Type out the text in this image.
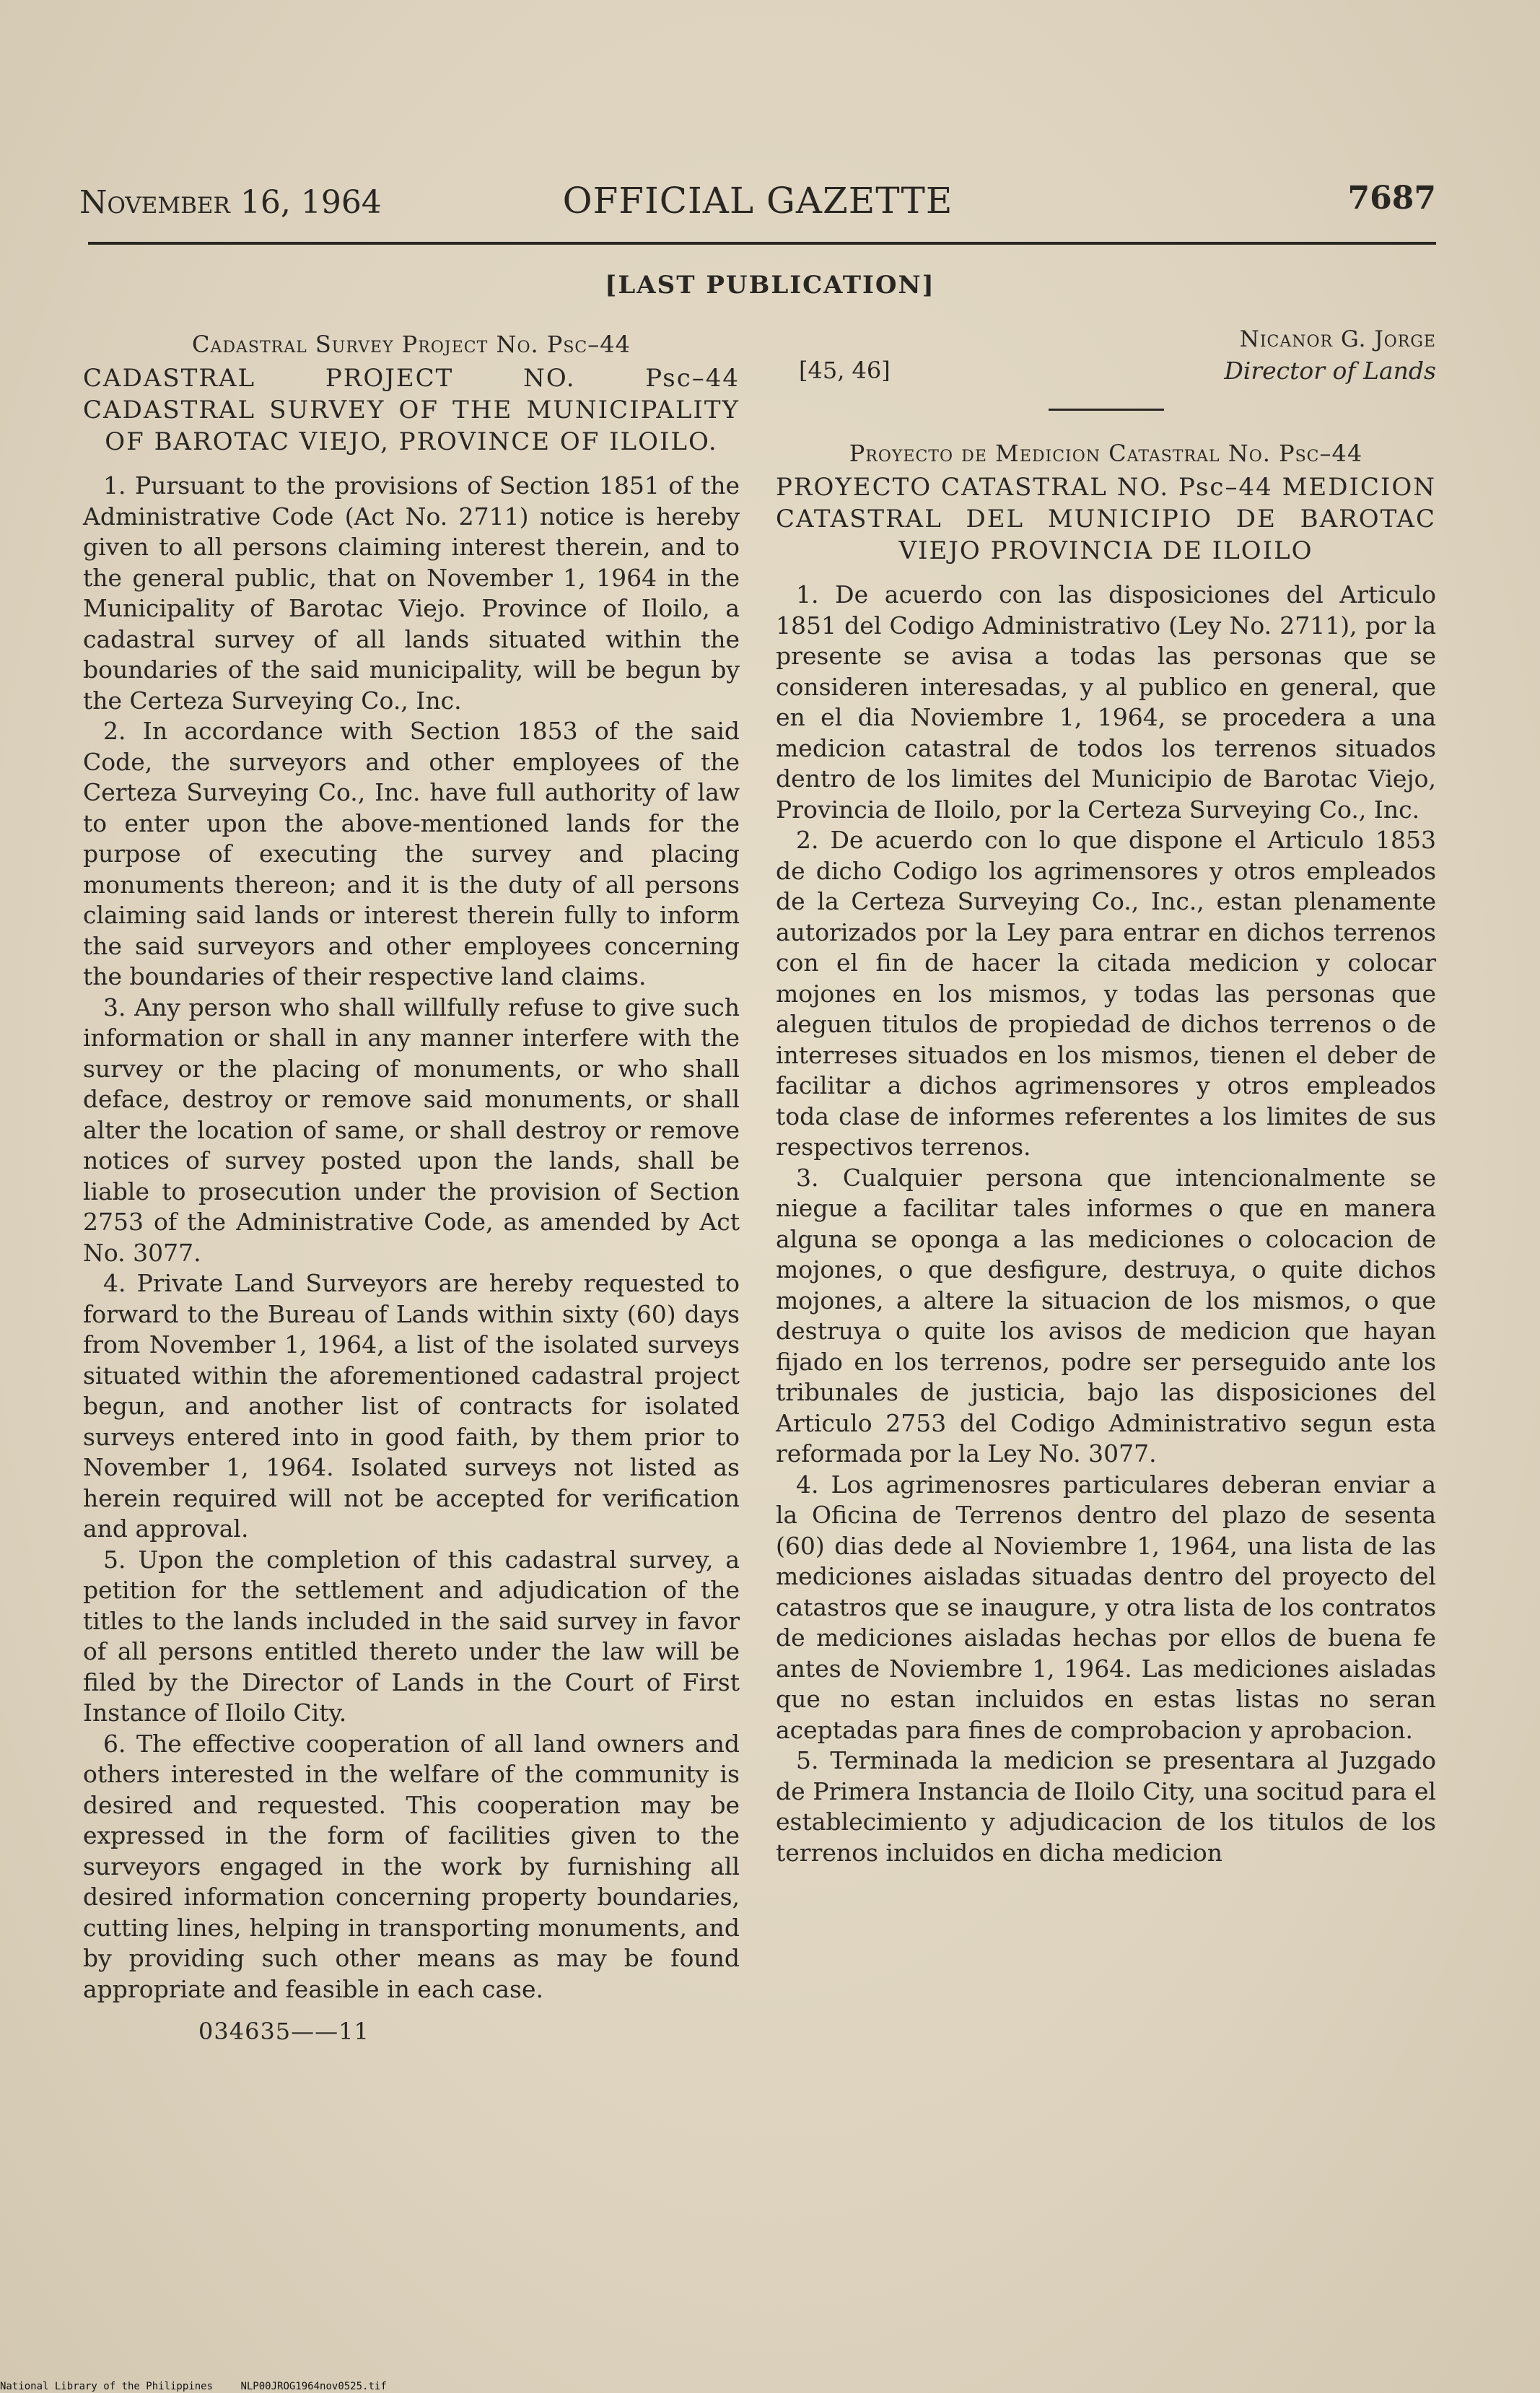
November 16, 1964	OFFICIAL GAZETTE	7687
[LAST PUBLICATION]
Cadastral Survey Project No. Psc–44
CADASTRAL PROJECT NO. Psc–44 CADASTRAL SURVEY OF THE MUNICIPALITY OF BAROTAC VIEJO, PROVINCE OF ILOILO.

1. Pursuant to the provisions of Section 1851 of the Administrative Code (Act No. 2711) notice is hereby given to all persons claiming interest therein, and to the general public, that on November 1, 1964 in the Municipality of Barotac Viejo. Province of Iloilo, a cadastral survey of all lands situated within the boundaries of the said municipality, will be begun by the Certeza Surveying Co., Inc.

2. In accordance with Section 1853 of the said Code, the surveyors and other employees of the Certeza Surveying Co., Inc. have full authority of law to enter upon the above-mentioned lands for the purpose of executing the survey and placing monuments thereon; and it is the duty of all persons claiming said lands or interest therein fully to inform the said surveyors and other employees concerning the boundaries of their respective land claims.

3. Any person who shall willfully refuse to give such information or shall in any manner interfere with the survey or the placing of monuments, or who shall deface, destroy or remove said monuments, or shall alter the location of same, or shall destroy or remove notices of survey posted upon the lands, shall be liable to prosecution under the provision of Section 2753 of the Administrative Code, as amended by Act No. 3077.

4. Private Land Surveyors are hereby requested to forward to the Bureau of Lands within sixty (60) days from November 1, 1964, a list of the isolated surveys situated within the aforementioned cadastral project begun, and another list of contracts for isolated surveys entered into in good faith, by them prior to November 1, 1964. Isolated surveys not listed as herein required will not be accepted for verification and approval.

5. Upon the completion of this cadastral survey, a petition for the settlement and adjudication of the titles to the lands included in the said survey in favor of all persons entitled thereto under the law will be filed by the Director of Lands in the Court of First Instance of Iloilo City.

6. The effective cooperation of all land owners and others interested in the welfare of the community is desired and requested. This cooperation may be expressed in the form of facilities given to the surveyors engaged in the work by furnishing all desired information concerning property boundaries, cutting lines, helping in transporting monuments, and by providing such other means as may be found appropriate and feasible in each case.

034635——11
Nicanor G. Jorge
[45, 46]	Director of Lands
Proyecto de Medicion Catastral No. Psc–44
PROYECTO CATASTRAL NO. Psc–44 MEDICION CATASTRAL DEL MUNICIPIO DE BAROTAC VIEJO PROVINCIA DE ILOILO

1. De acuerdo con las disposiciones del Articulo 1851 del Codigo Administrativo (Ley No. 2711), por la presente se avisa a todas las personas que se consideren interesadas, y al publico en general, que en el dia Noviembre 1, 1964, se procedera a una medicion catastral de todos los terrenos situados dentro de los limites del Municipio de Barotac Viejo, Provincia de Iloilo, por la Certeza Surveying Co., Inc.

2. De acuerdo con lo que dispone el Articulo 1853 de dicho Codigo los agrimensores y otros empleados de la Certeza Surveying Co., Inc., estan plenamente autorizados por la Ley para entrar en dichos terrenos con el fin de hacer la citada medicion y colocar mojones en los mismos, y todas las personas que aleguen titulos de propiedad de dichos terrenos o de interreses situados en los mismos, tienen el deber de facilitar a dichos agrimensores y otros empleados toda clase de informes referentes a los limites de sus respectivos terrenos.

3. Cualquier persona que intencionalmente se niegue a facilitar tales informes o que en manera alguna se oponga a las mediciones o colocacion de mojones, o que desfigure, destruya, o quite dichos mojones, a altere la situacion de los mismos, o que destruya o quite los avisos de medicion que hayan fijado en los terrenos, podre ser perseguido ante los tribunales de justicia, bajo las disposiciones del Articulo 2753 del Codigo Administrativo segun esta reformada por la Ley No. 3077.

4. Los agrimenosres particulares deberan enviar a la Oficina de Terrenos dentro del plazo de sesenta (60) dias dede al Noviembre 1, 1964, una lista de las mediciones aisladas situadas dentro del proyecto del catastros que se inaugure, y otra lista de los contratos de mediciones aisladas hechas por ellos de buena fe antes de Noviembre 1, 1964. Las mediciones aisladas que no estan incluidos en estas listas no seran aceptadas para fines de comprobacion y aprobacion.

5. Terminada la medicion se presentara al Juzgado de Primera Instancia de Iloilo City, una socitud para el establecimiento y adjudicacion de los titulos de los terrenos incluidos en dicha medicion

National Library of the Philippines	NLP00JROG1964nov0525.tif
